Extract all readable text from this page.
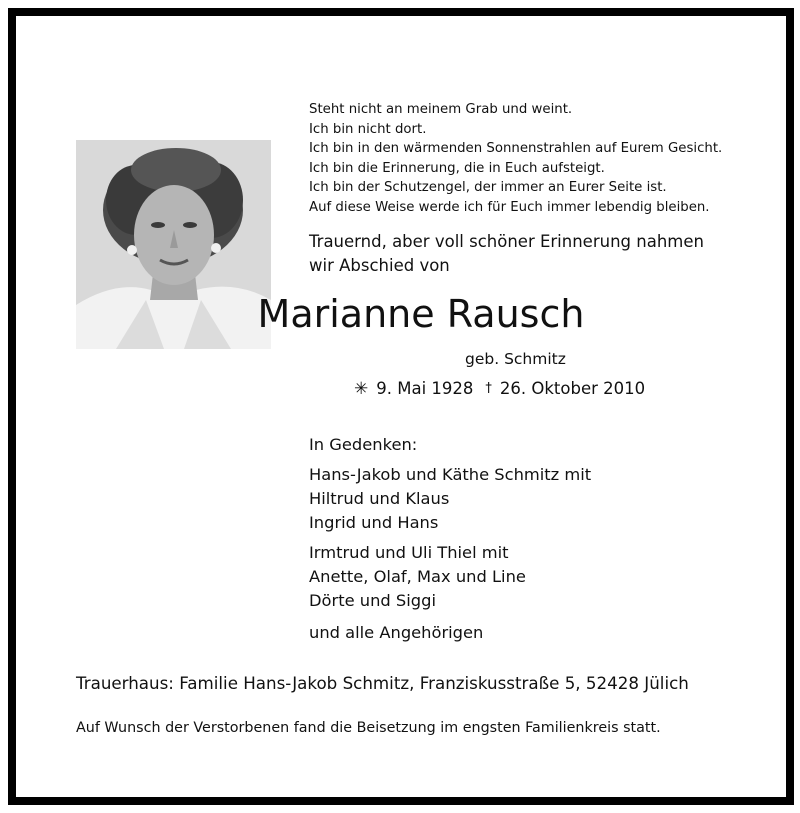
Steht nicht an meinem Grab und weint.
Ich bin nicht dort.
Ich bin in den wärmenden Sonnenstrahlen auf Eurem Gesicht.
Ich bin die Erinnerung, die in Euch aufsteigt.
Ich bin der Schutzengel, der immer an Eurer Seite ist.
Auf diese Weise werde ich für Euch immer lebendig bleiben.
Trauernd, aber voll schöner Erinnerung nahmen
wir Abschied von
Marianne Rausch
geb. Schmitz
✳ 9. Mai 1928 † 26. Oktober 2010
In Gedenken:
Hans-Jakob und Käthe Schmitz mit
Hiltrud und Klaus
Ingrid und Hans
Irmtrud und Uli Thiel mit
Anette, Olaf, Max und Line
Dörte und Siggi
und alle Angehörigen
Trauerhaus: Familie Hans-Jakob Schmitz, Franziskusstraße 5, 52428 Jülich
Auf Wunsch der Verstorbenen fand die Beisetzung im engsten Familienkreis statt.
